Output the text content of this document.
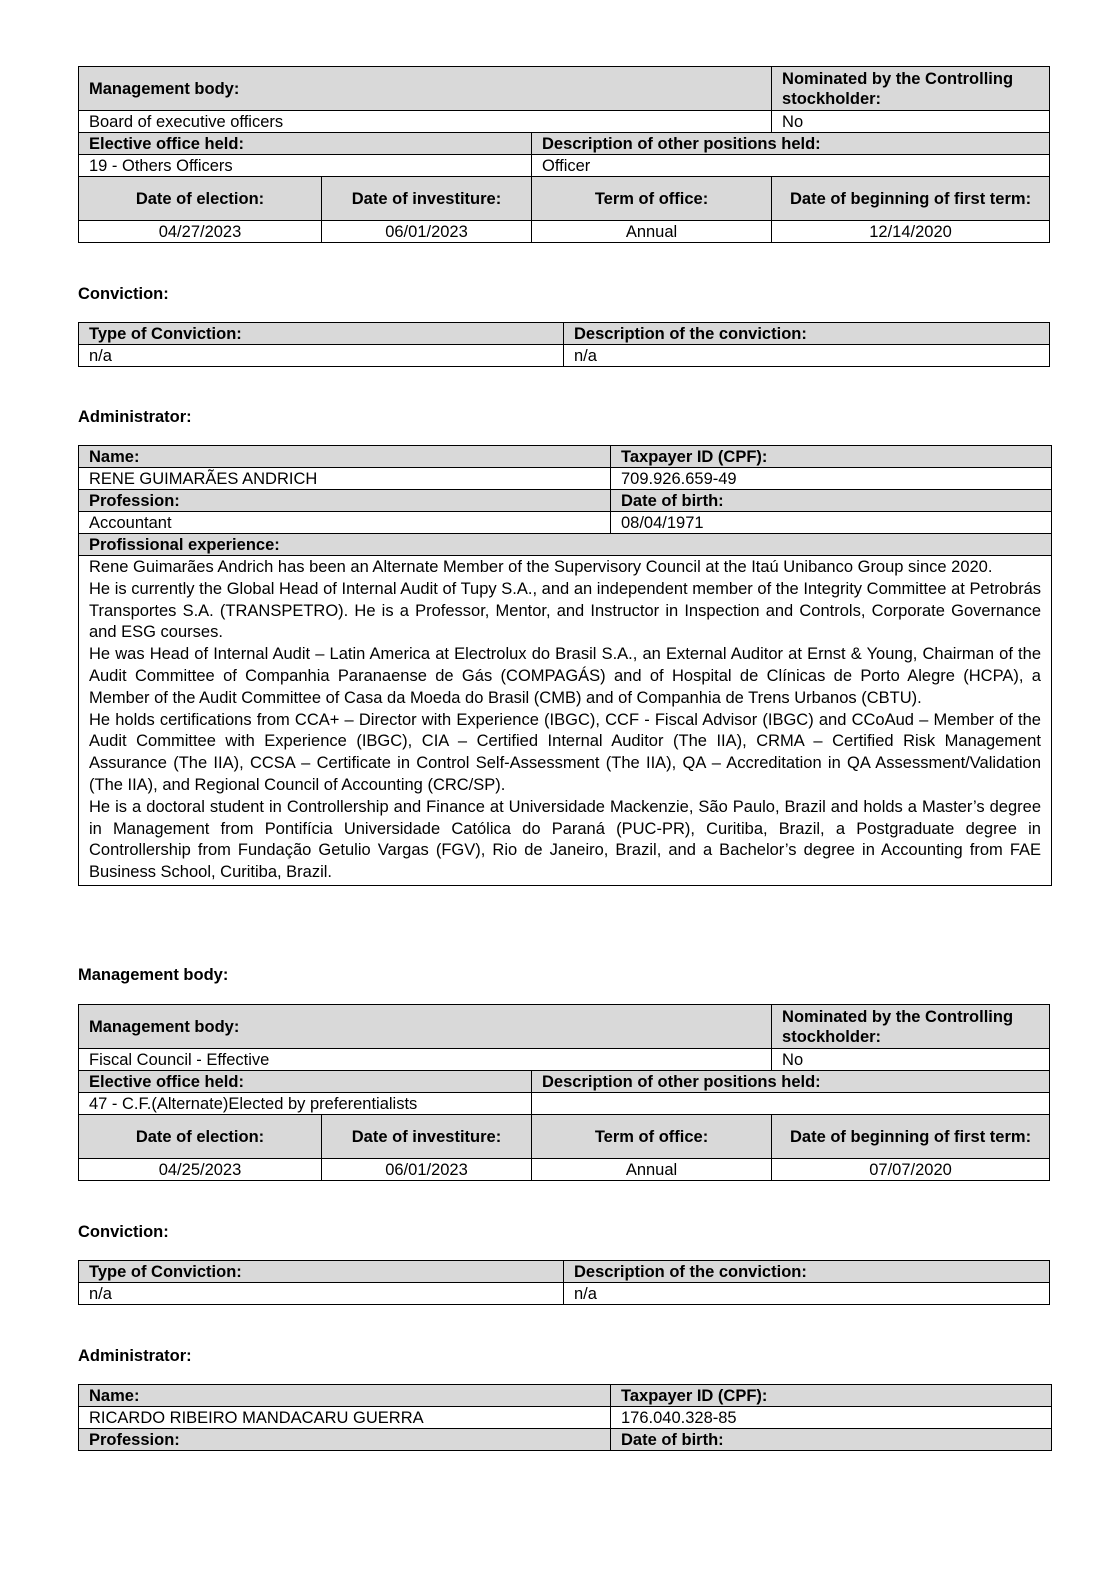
Management body:			Nominated by the Controlling stockholder:
Board of executive officers			No
Elective office held:		Description of other positions held:	
19 - Others Officers		Officer	
Date of election:	Date of investiture:	Term of office:	Date of beginning of first term:
04/27/2023	06/01/2023	Annual	12/14/2020
Conviction:
Type of Conviction:	Description of the conviction:
n/a	n/a
Administrator:
Name:	Taxpayer ID (CPF):
RENE GUIMARÃES ANDRICH	709.926.659-49
Profession:	Date of birth:
Accountant	08/04/1971
Profissional experience:	

Rene Guimarães Andrich has been an Alternate Member of the Supervisory Council at the Itaú Unibanco Group since 2020.

He is currently the Global Head of Internal Audit of Tupy S.A., and an independent member of the Integrity Committee at Petrobrás Transportes S.A. (TRANSPETRO). He is a Professor, Mentor, and Instructor in Inspection and Controls, Corporate Governance and ESG courses.

He was Head of Internal Audit – Latin America at Electrolux do Brasil S.A., an External Auditor at Ernst & Young, Chairman of the Audit Committee of Companhia Paranaense de Gás (COMPAGÁS) and of Hospital de Clínicas de Porto Alegre (HCPA), a Member of the Audit Committee of Casa da Moeda do Brasil (CMB) and of Companhia de Trens Urbanos (CBTU).

He holds certifications from CCA+ – Director with Experience (IBGC), CCF - Fiscal Advisor (IBGC) and CCoAud – Member of the Audit Committee with Experience (IBGC), CIA – Certified Internal Auditor (The IIA), CRMA – Certified Risk Management Assurance (The IIA), CCSA – Certificate in Control Self-Assessment (The IIA), QA – Accreditation in QA Assessment/Validation (The IIA), and Regional Council of Accounting (CRC/SP).

He is a doctoral student in Controllership and Finance at Universidade Mackenzie, São Paulo, Brazil and holds a Master’s degree in Management from Pontifícia Universidade Católica do Paraná (PUC-PR), Curitiba, Brazil, a Postgraduate degree in Controllership from Fundação Getulio Vargas (FGV), Rio de Janeiro, Brazil, and a Bachelor’s degree in Accounting from FAE Business School, Curitiba, Brazil.	

Management body:
Management body:			Nominated by the Controlling stockholder:
Fiscal Council - Effective			No
Elective office held:		Description of other positions held:	
47 - C.F.(Alternate)Elected by preferentialists			
Date of election:	Date of investiture:	Term of office:	Date of beginning of first term:
04/25/2023	06/01/2023	Annual	07/07/2020
Conviction:
Type of Conviction:	Description of the conviction:
n/a	n/a
Administrator:
Name:	Taxpayer ID (CPF):
RICARDO RIBEIRO MANDACARU GUERRA	176.040.328-85
Profession:	Date of birth:
